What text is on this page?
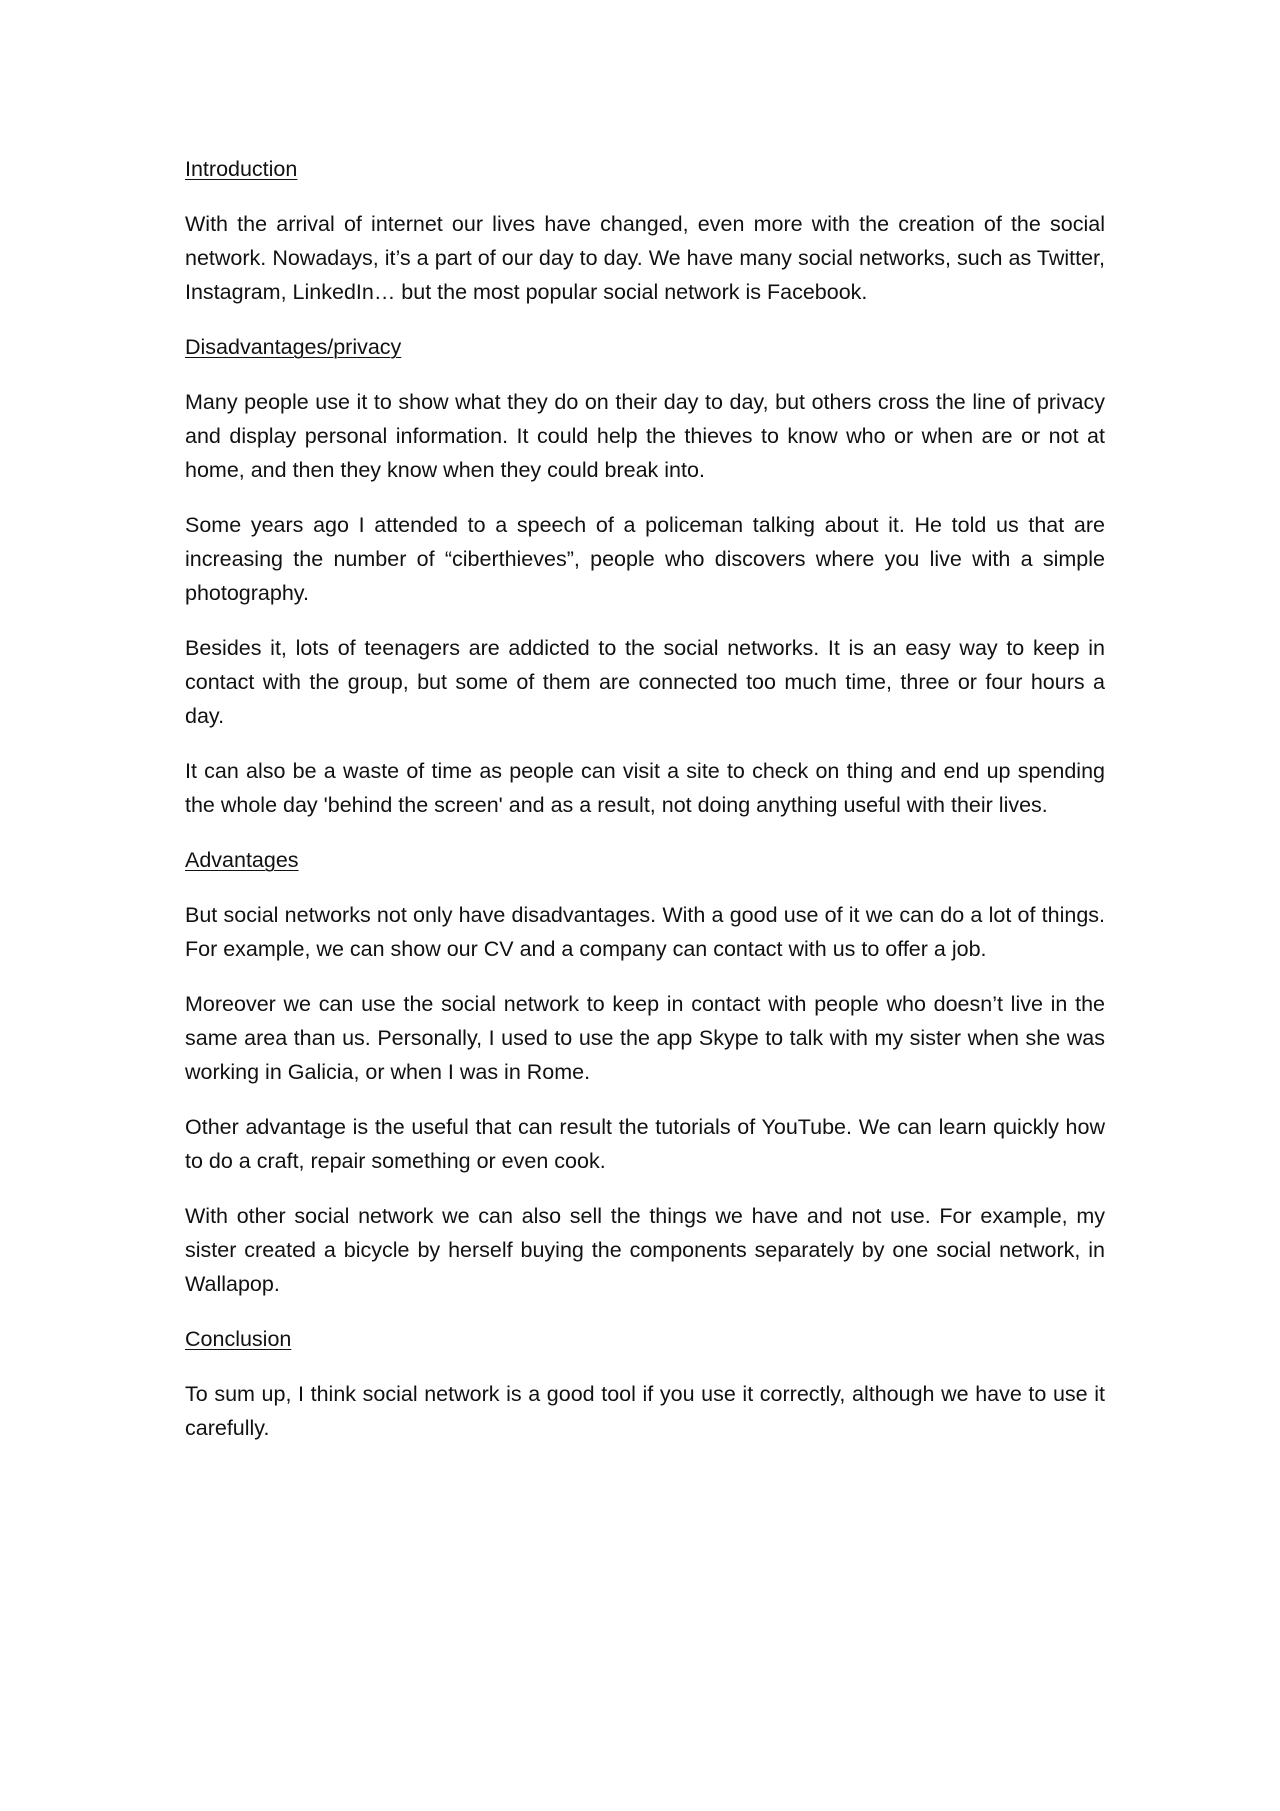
Introduction

With the arrival of internet our lives have changed, even more with the creation of the social network. Nowadays, it’s a part of our day to day. We have many social networks, such as Twitter, Instagram, LinkedIn… but the most popular social network is Facebook.

Disadvantages/privacy

Many people use it to show what they do on their day to day, but others cross the line of privacy and display personal information. It could help the thieves to know who or when are or not at home, and then they know when they could break into.

Some years ago I attended to a speech of a policeman talking about it. He told us that are increasing the number of “ciberthieves”, people who discovers where you live with a simple photography.

Besides it, lots of teenagers are addicted to the social networks. It is an easy way to keep in contact with the group, but some of them are connected too much time, three or four hours a day.

It can also be a waste of time as people can visit a site to check on thing and end up spending the whole day 'behind the screen' and as a result, not doing anything useful with their lives.

Advantages

But social networks not only have disadvantages. With a good use of it we can do a lot of things. For example, we can show our CV and a company can contact with us to offer a job.

Moreover we can use the social network to keep in contact with people who doesn’t live in the same area than us. Personally, I used to use the app Skype to talk with my sister when she was working in Galicia, or when I was in Rome.

Other advantage is the useful that can result the tutorials of YouTube. We can learn quickly how to do a craft, repair something or even cook.

With other social network we can also sell the things we have and not use. For example, my sister created a bicycle by herself buying the components separately by one social network, in Wallapop.

Conclusion

To sum up, I think social network is a good tool if you use it correctly, although we have to use it carefully.
